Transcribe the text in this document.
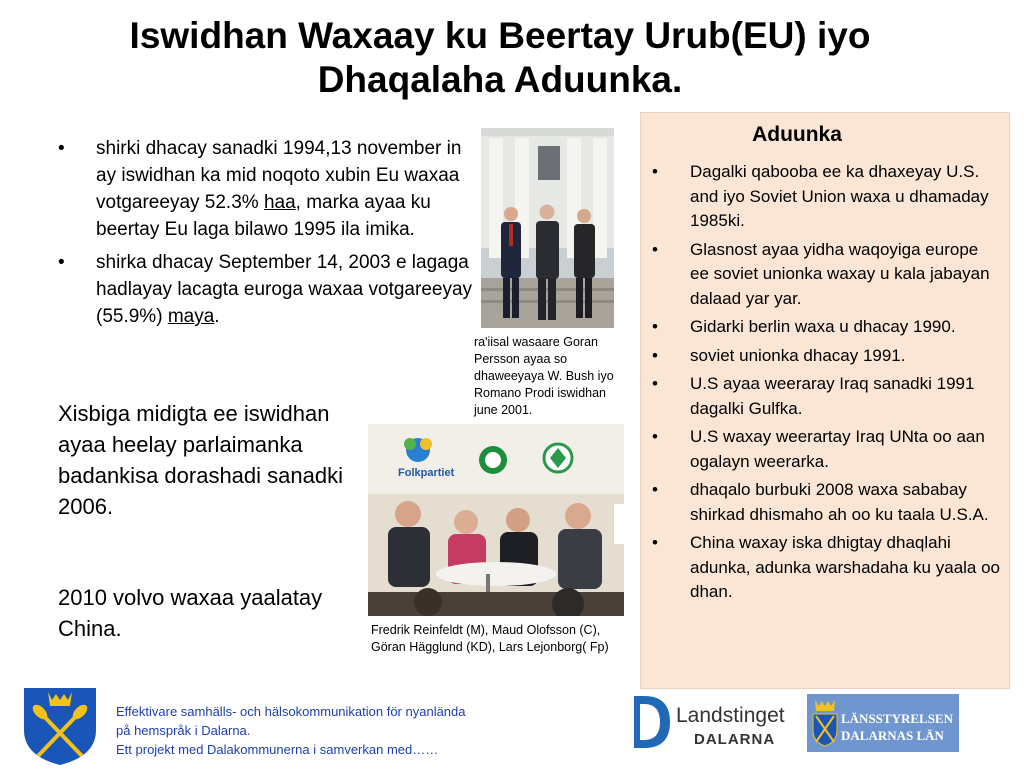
Iswidhan Waxaay ku Beertay Urub(EU) iyo
Dhaqalaha Aduunka.
• shirki dhacay sanadki 1994,13 november in ay iswidhan ka mid noqoto xubin Eu waxaa votgareeyay 52.3% haa, marka ayaa ku beertay Eu laga bilawo 1995 ila imika.
• shirka dhacay September 14, 2003 e lagaga hadlayay lacagta euroga waxaa votgareeyay (55.9%) maya.
Xisbiga midigta ee iswidhan ayaa heelay parlaimanka badankisa dorashadi sanadki 2006.
2010 volvo waxaa yaalatay China.
ra'iisal wasaare Goran Persson ayaa so dhaweeyaya W. Bush iyo Romano Prodi iswidhan june 2001.
Folkpartiet
Fredrik Reinfeldt (M), Maud Olofsson (C), Göran Hägglund (KD), Lars Lejonborg( Fp)
Aduunka
• Dagalki qabooba ee ka dhaxeyay U.S. and iyo Soviet Union waxa u dhamaday 1985ki.
• Glasnost ayaa yidha waqoyiga europe ee soviet unionka waxay u kala jabayan dalaad yar yar.
• Gidarki berlin waxa u dhacay 1990.
• soviet unionka dhacay 1991.
• U.S ayaa weeraray Iraq sanadki 1991 dagalki Gulfka.
• U.S waxay weerartay Iraq UNta oo aan ogalayn weerarka.
• dhaqalo burbuki 2008 waxa sababay shirkad dhismaho ah oo ku taala U.S.A.
• China waxay iska dhigtay dhaqlahi adunka, adunka warshadaha ku yaala oo dhan.
Effektivare samhälls- och hälsokommunikation för nyanlända
på hemspråk i Dalarna.
Ett projekt med Dalakommunerna i samverkan med……
Landstinget
DALARNA
LÄNSSTYRELSEN
DALARNAS LÄN
